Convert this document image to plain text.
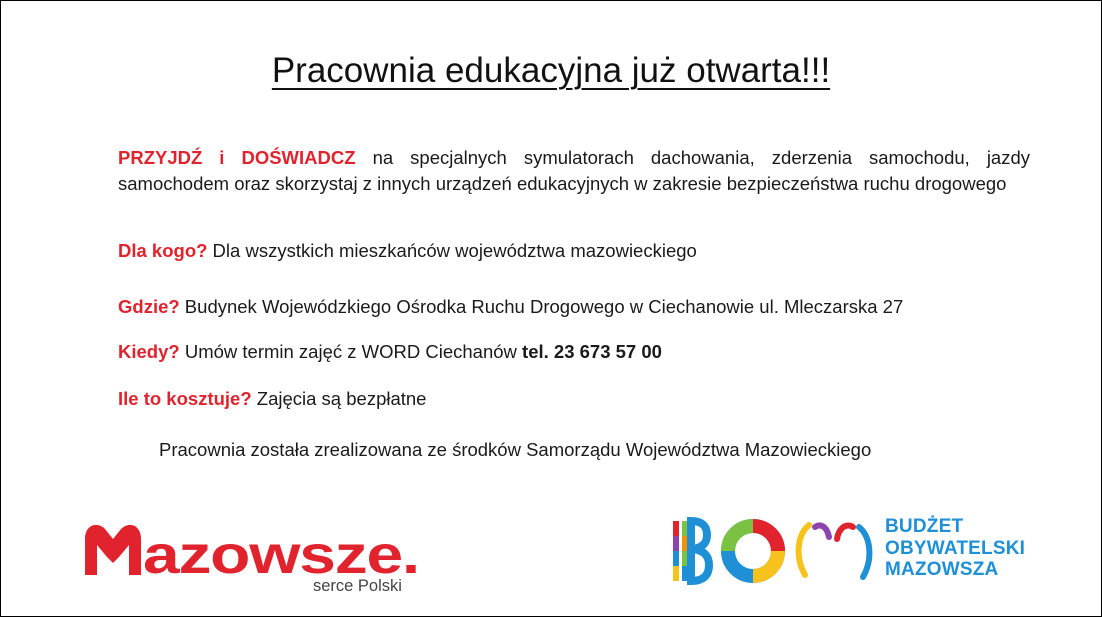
Pracownia edukacyjna już otwarta!!!

PRZYJDŹ i DOŚWIADCZ na specjalnych symulatorach dachowania, zderzenia samochodu, jazdy samochodem oraz skorzystaj z innych urządzeń edukacyjnych w zakresie bezpieczeństwa ruchu drogowego

Dla kogo? Dla wszystkich mieszkańców województwa mazowieckiego

Gdzie? Budynek Wojewódzkiego Ośrodka Ruchu Drogowego w Ciechanowie ul. Mleczarska 27

Kiedy? Umów termin zajęć z WORD Ciechanów tel. 23 673 57 00

Ile to kosztuje? Zajęcia są bezpłatne

Pracownia została zrealizowana ze środków Samorządu Województwa Mazowieckiego

azowsze.
serce Polski
BUDŻET
OBYWATELSKI
MAZOWSZA
